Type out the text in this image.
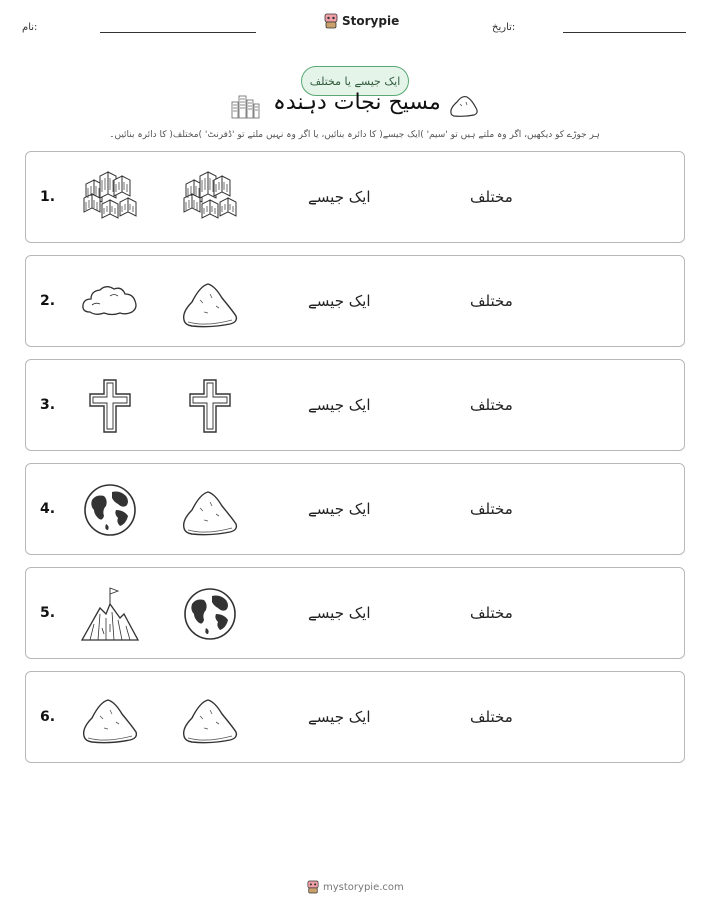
نام:	Storypie	تاریخ:
ایک جیسے یا مختلف
مسیح نجات دہندہ
ہر جوڑے کو دیکھیں، اگر وہ ملتے ہیں تو 'سیم' )ایک جیسے( کا دائرہ بنائیں، یا اگر وہ نہیں ملتے تو 'ڈفرنٹ' )مختلف( کا دائرہ بنائیں۔
1.	ایک جیسے	مختلف
2.	ایک جیسے	مختلف
3.	ایک جیسے	مختلف
4.	ایک جیسے	مختلف
5.	ایک جیسے	مختلف
6.	ایک جیسے	مختلف
mystorypie.com
